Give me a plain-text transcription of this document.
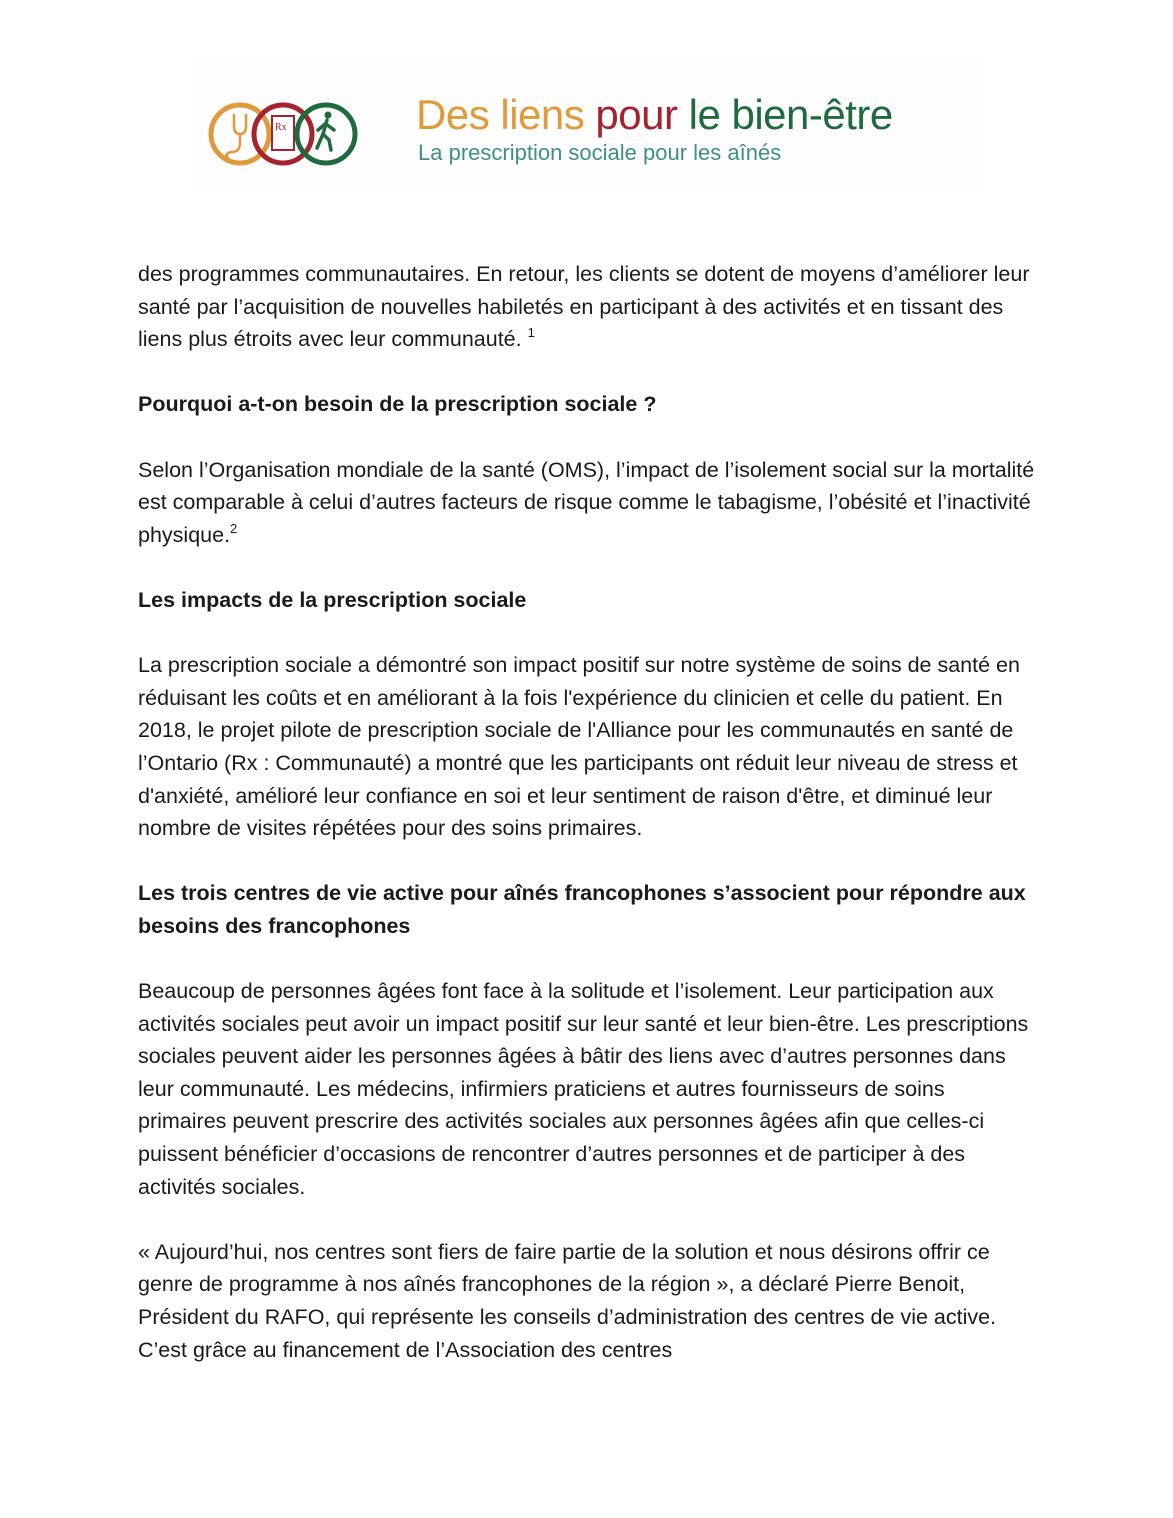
Rx	Des liens pour le bien-être
La prescription sociale pour les aînés

des programmes communautaires. En retour, les clients se dotent de moyens d’améliorer leur santé par l’acquisition de nouvelles habiletés en participant à des activités et en tissant des liens plus étroits avec leur communauté. $^1$

Pourquoi a-t-on besoin de la prescription sociale ?

Selon l’Organisation mondiale de la santé (OMS), l’impact de l’isolement social sur la mortalité est comparable à celui d’autres facteurs de risque comme le tabagisme, l’obésité et l’inactivité physique.$^2$

Les impacts de la prescription sociale

La prescription sociale a démontré son impact positif sur notre système de soins de santé en réduisant les coûts et en améliorant à la fois l'expérience du clinicien et celle du patient. En 2018, le projet pilote de prescription sociale de l'Alliance pour les communautés en santé de l’Ontario (Rx : Communauté) a montré que les participants ont réduit leur niveau de stress et d'anxiété, amélioré leur confiance en soi et leur sentiment de raison d'être, et diminué leur nombre de visites répétées pour des soins primaires.

Les trois centres de vie active pour aînés francophones s’associent pour répondre aux besoins des francophones

Beaucoup de personnes âgées font face à la solitude et l’isolement. Leur participation aux activités sociales peut avoir un impact positif sur leur santé et leur bien-être. Les prescriptions sociales peuvent aider les personnes âgées à bâtir des liens avec d’autres personnes dans leur communauté. Les médecins, infirmiers praticiens et autres fournisseurs de soins primaires peuvent prescrire des activités sociales aux personnes âgées afin que celles-ci puissent bénéficier d’occasions de rencontrer d’autres personnes et de participer à des activités sociales.

« Aujourd’hui, nos centres sont fiers de faire partie de la solution et nous désirons offrir ce genre de programme à nos aînés francophones de la région », a déclaré Pierre Benoit, Président du RAFO, qui représente les conseils d’administration des centres de vie active. C’est grâce au financement de l’Association des centres
